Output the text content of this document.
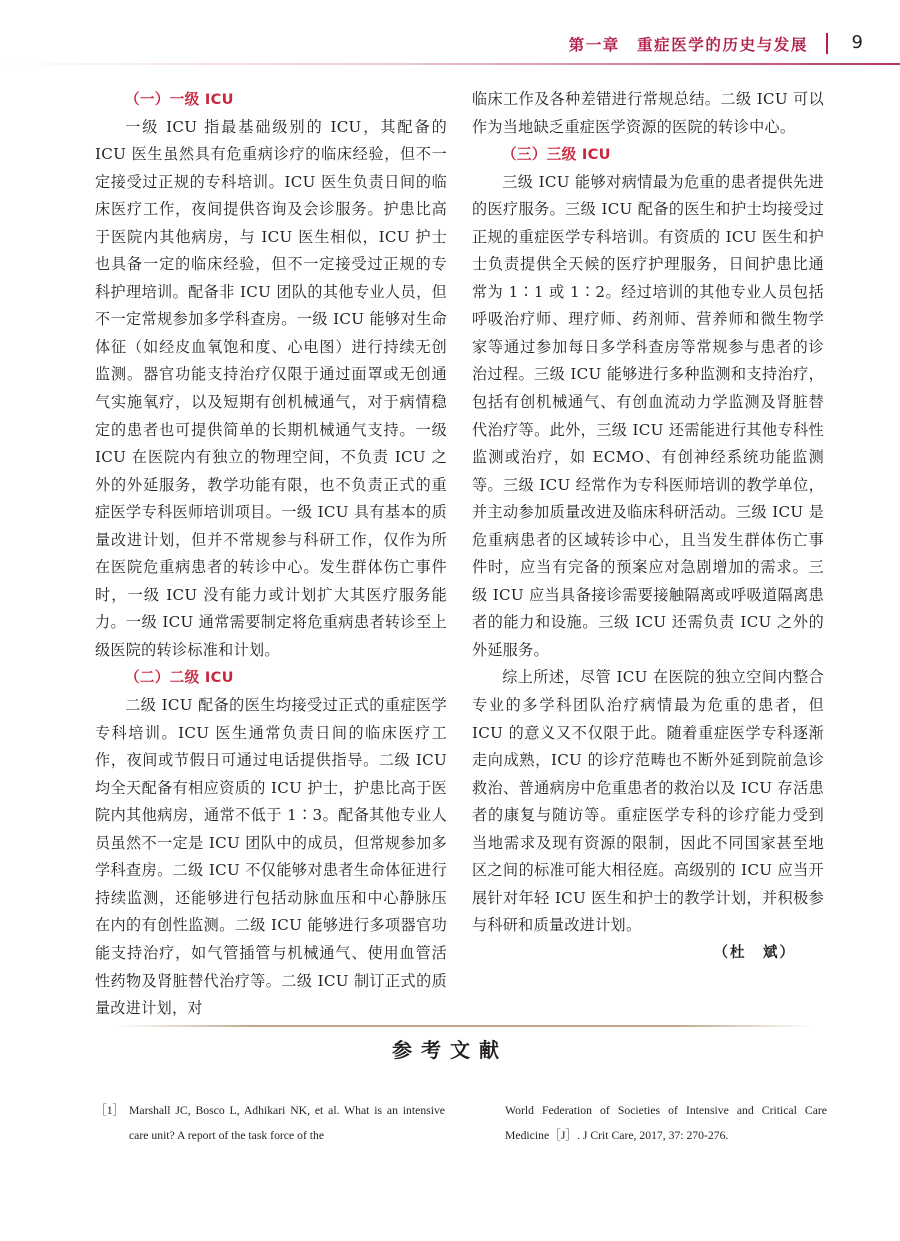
第一章　重症医学的历史与发展 9
（一）一级 ICU

一级 ICU 指最基础级别的 ICU，其配备的 ICU 医生虽然具有危重病诊疗的临床经验，但不一定接受过正规的专科培训。ICU 医生负责日间的临床医疗工作，夜间提供咨询及会诊服务。护患比高于医院内其他病房，与 ICU 医生相似，ICU 护士也具备一定的临床经验，但不一定接受过正规的专科护理培训。配备非 ICU 团队的其他专业人员，但不一定常规参加多学科查房。一级 ICU 能够对生命体征（如经皮血氧饱和度、心电图）进行持续无创监测。器官功能支持治疗仅限于通过面罩或无创通气实施氧疗，以及短期有创机械通气，对于病情稳定的患者也可提供简单的长期机械通气支持。一级 ICU 在医院内有独立的物理空间，不负责 ICU 之外的外延服务，教学功能有限，也不负责正式的重症医学专科医师培训项目。一级 ICU 具有基本的质量改进计划，但并不常规参与科研工作，仅作为所在医院危重病患者的转诊中心。发生群体伤亡事件时，一级 ICU 没有能力或计划扩大其医疗服务能力。一级 ICU 通常需要制定将危重病患者转诊至上级医院的转诊标准和计划。

（二）二级 ICU

二级 ICU 配备的医生均接受过正式的重症医学专科培训。ICU 医生通常负责日间的临床医疗工作，夜间或节假日可通过电话提供指导。二级 ICU 均全天配备有相应资质的 ICU 护士，护患比高于医院内其他病房，通常不低于 1∶3。配备其他专业人员虽然不一定是 ICU 团队中的成员，但常规参加多学科查房。二级 ICU 不仅能够对患者生命体征进行持续监测，还能够进行包括动脉血压和中心静脉压在内的有创性监测。二级 ICU 能够进行多项器官功能支持治疗，如气管插管与机械通气、使用血管活性药物及肾脏替代治疗等。二级 ICU 制订正式的质量改进计划，对

临床工作及各种差错进行常规总结。二级 ICU 可以作为当地缺乏重症医学资源的医院的转诊中心。

（三）三级 ICU

三级 ICU 能够对病情最为危重的患者提供先进的医疗服务。三级 ICU 配备的医生和护士均接受过正规的重症医学专科培训。有资质的 ICU 医生和护士负责提供全天候的医疗护理服务，日间护患比通常为 1∶1 或 1∶2。经过培训的其他专业人员包括呼吸治疗师、理疗师、药剂师、营养师和微生物学家等通过参加每日多学科查房等常规参与患者的诊治过程。三级 ICU 能够进行多种监测和支持治疗，包括有创机械通气、有创血流动力学监测及肾脏替代治疗等。此外，三级 ICU 还需能进行其他专科性监测或治疗，如 ECMO、有创神经系统功能监测等。三级 ICU 经常作为专科医师培训的教学单位，并主动参加质量改进及临床科研活动。三级 ICU 是危重病患者的区域转诊中心，且当发生群体伤亡事件时，应当有完备的预案应对急剧增加的需求。三级 ICU 应当具备接诊需要接触隔离或呼吸道隔离患者的能力和设施。三级 ICU 还需负责 ICU 之外的外延服务。

综上所述，尽管 ICU 在医院的独立空间内整合专业的多学科团队治疗病情最为危重的患者，但 ICU 的意义又不仅限于此。随着重症医学专科逐渐走向成熟，ICU 的诊疗范畴也不断外延到院前急诊救治、普通病房中危重患者的救治以及 ICU 存活患者的康复与随访等。重症医学专科的诊疗能力受到当地需求及现有资源的限制，因此不同国家甚至地区之间的标准可能大相径庭。高级别的 ICU 应当开展针对年轻 ICU 医生和护士的教学计划，并积极参与科研和质量改进计划。

（杜　斌）

参考文献
［1］ Marshall JC, Bosco L, Adhikari NK, et al. What is an intensive care unit? A report of the task force of the
World Federation of Societies of Intensive and Critical Care Medicine［J］. J Crit Care, 2017, 37: 270-276.
